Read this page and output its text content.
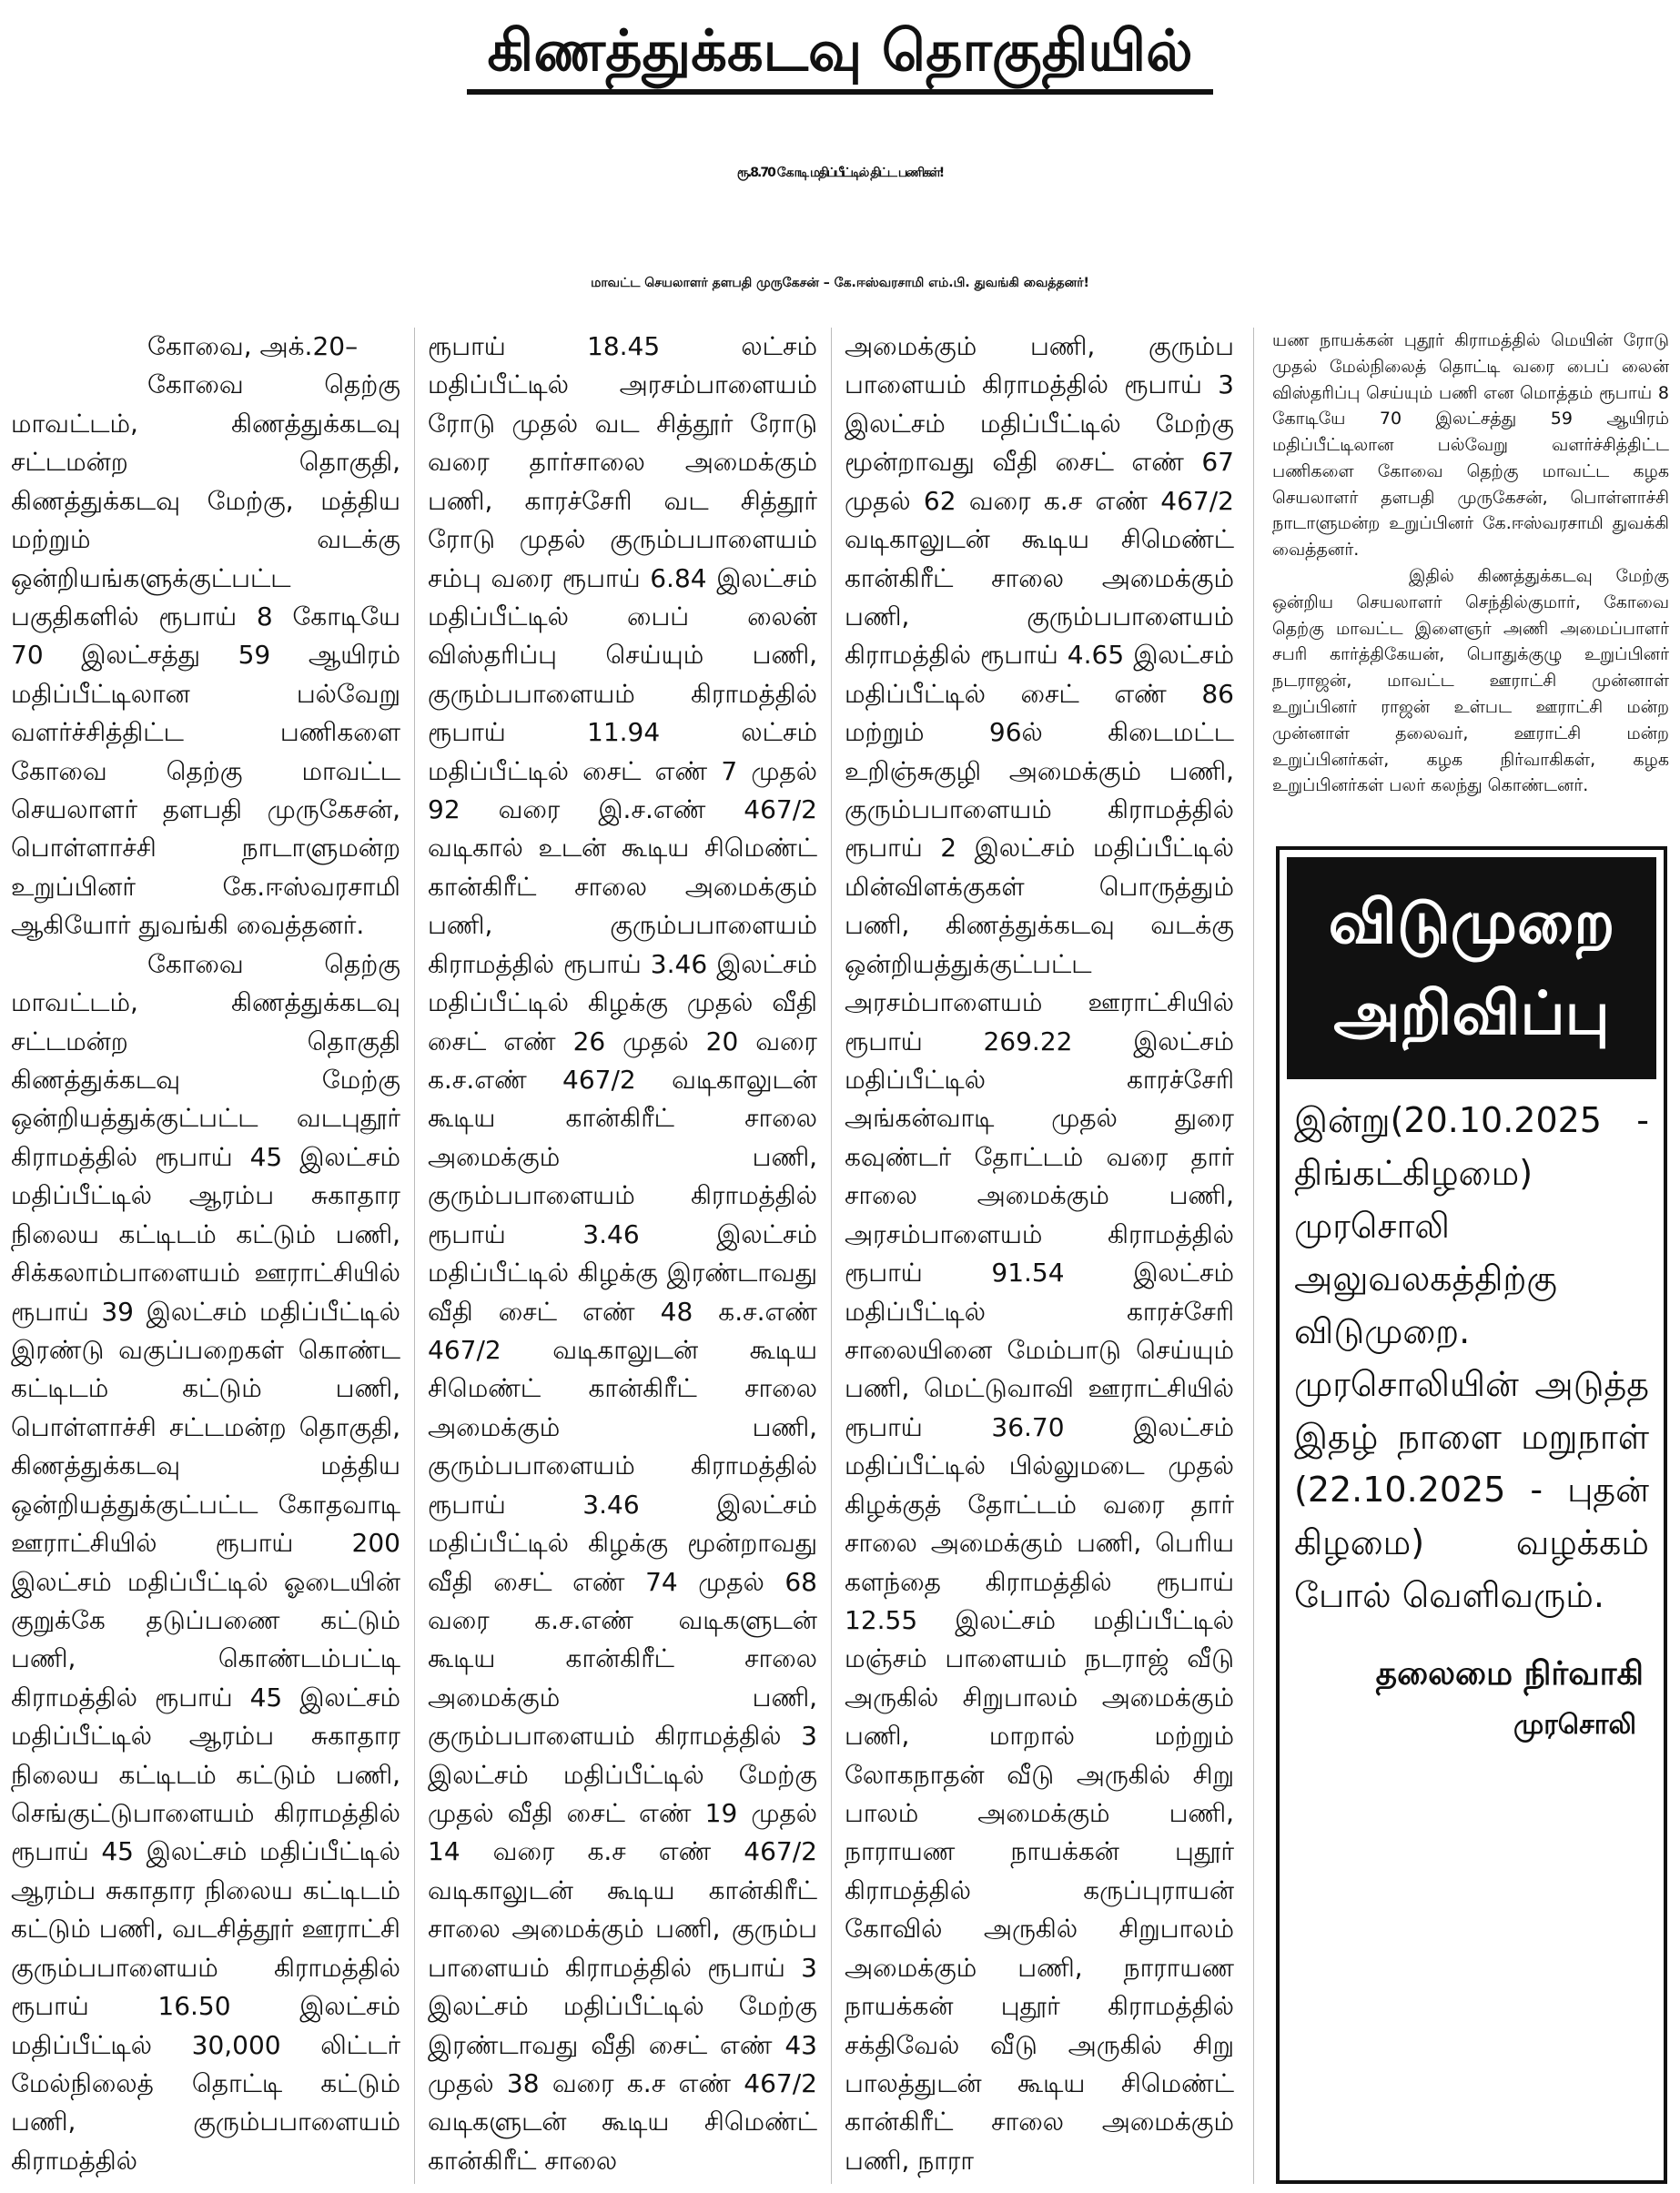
கிணத்துக்கடவு தொகுதியில்
ரூ.8.70 கோடி மதிப்பீட்டில் திட்ட பணிகள்!
மாவட்ட செயலாளர் தளபதி முருகேசன் – கே.ஈஸ்வரசாமி எம்.பி. துவங்கி வைத்தனர்!

கோவை, அக்.20–

கோவை தெற்கு மாவட்டம், கிணத்துக்கடவு சட்டமன்ற தொகுதி, கிணத்துக்கடவு மேற்கு, மத்திய மற்றும் வடக்கு ஒன்றியங்களுக்குட்பட்ட பகுதிகளில் ரூபாய் 8 கோடியே 70 இலட்சத்து 59 ஆயிரம் மதிப்பீட்டிலான பல்வேறு வளர்ச்சித்திட்ட பணிகளை கோவை தெற்கு மாவட்ட செயலாளர் தளபதி முருகேசன், பொள்ளாச்சி நாடாளுமன்ற உறுப்பினர் கே.ஈஸ்வரசாமி ஆகியோர் துவங்கி வைத்தனர்.

கோவை தெற்கு மாவட்டம், கிணத்துக்கடவு சட்டமன்ற தொகுதி கிணத்துக்கடவு மேற்கு ஒன்றியத்துக்குட்பட்ட வடபுதூர் கிராமத்தில் ரூபாய் 45 இலட்சம் மதிப்பீட்டில் ஆரம்ப சுகாதார நிலைய கட்டிடம் கட்டும் பணி, சிக்கலாம்பாளையம் ஊராட்சியில் ரூபாய் 39 இலட்சம் மதிப்பீட்டில் இரண்டு வகுப்பறைகள் கொண்ட கட்டிடம் கட்டும் பணி, பொள்ளாச்சி சட்டமன்ற தொகுதி, கிணத்துக்கடவு மத்திய ஒன்றியத்துக்குட்பட்ட கோதவாடி ஊராட்சியில் ரூபாய் 200 இலட்சம் மதிப்பீட்டில் ஓடையின் குறுக்கே தடுப்பணை கட்டும் பணி, கொண்டம்பட்டி கிராமத்தில் ரூபாய் 45 இலட்சம் மதிப்பீட்டில் ஆரம்ப சுகாதார நிலைய கட்டிடம் கட்டும் பணி, செங்குட்டுபாளையம் கிராமத்தில் ரூபாய் 45 இலட்சம் மதிப்பீட்டில் ஆரம்ப சுகாதார நிலைய கட்டிடம் கட்டும் பணி, வடசித்தூர் ஊராட்சி குரும்பபாளையம் கிராமத்தில் ரூபாய் 16.50 இலட்சம் மதிப்பீட்டில் 30,000 லிட்டர் மேல்நிலைத் தொட்டி கட்டும் பணி, குரும்பபாளையம் கிராமத்தில்

ரூபாய் 18.45 லட்சம் மதிப்பீட்டில் அரசம்பாளையம் ரோடு முதல் வட சித்தூர் ரோடு வரை தார்சாலை அமைக்கும் பணி, காரச்சேரி வட சித்தூர் ரோடு முதல் குரும்பபாளையம் சம்பு வரை ரூபாய் 6.84 இலட்சம் மதிப்பீட்டில் பைப் லைன் விஸ்தரிப்பு செய்யும் பணி, குரும்பபாளையம் கிராமத்தில் ரூபாய் 11.94 லட்சம் மதிப்பீட்டில் சைட் எண் 7 முதல் 92 வரை இ.ச.எண் 467/2 வடிகால் உடன் கூடிய சிமெண்ட் கான்கிரீட் சாலை அமைக்கும் பணி, குரும்பபாளையம் கிராமத்தில் ரூபாய் 3.46 இலட்சம் மதிப்பீட்டில் கிழக்கு முதல் வீதி சைட் எண் 26 முதல் 20 வரை க.ச.எண் 467/2 வடிகாலுடன் கூடிய கான்கிரீட் சாலை அமைக்கும் பணி, குரும்பபாளையம் கிராமத்தில் ரூபாய் 3.46 இலட்சம் மதிப்பீட்டில் கிழக்கு இரண்டாவது வீதி சைட் எண் 48 க.ச.எண் 467/2 வடிகாலுடன் கூடிய சிமெண்ட் கான்கிரீட் சாலை அமைக்கும் பணி, குரும்பபாளையம் கிராமத்தில் ரூபாய் 3.46 இலட்சம் மதிப்பீட்டில் கிழக்கு மூன்றாவது வீதி சைட் எண் 74 முதல் 68 வரை க.ச.எண் வடிகளுடன் கூடிய கான்கிரீட் சாலை அமைக்கும் பணி, குரும்பபாளையம் கிராமத்தில் 3 இலட்சம் மதிப்பீட்டில் மேற்கு முதல் வீதி சைட் எண் 19 முதல் 14 வரை க.ச எண் 467/2 வடிகாலுடன் கூடிய கான்கிரீட் சாலை அமைக்கும் பணி, குரும்ப பாளையம் கிராமத்தில் ரூபாய் 3 இலட்சம் மதிப்பீட்டில் மேற்கு இரண்டாவது வீதி சைட் எண் 43 முதல் 38 வரை க.ச எண் 467/2 வடிகளுடன் கூடிய சிமெண்ட் கான்கிரீட் சாலை

அமைக்கும் பணி, குரும்ப பாளையம் கிராமத்தில் ரூபாய் 3 இலட்சம் மதிப்பீட்டில் மேற்கு மூன்றாவது வீதி சைட் எண் 67 முதல் 62 வரை க.ச எண் 467/2 வடிகாலுடன் கூடிய சிமெண்ட் கான்கிரீட் சாலை அமைக்கும் பணி, குரும்பபாளையம் கிராமத்தில் ரூபாய் 4.65 இலட்சம் மதிப்பீட்டில் சைட் எண் 86 மற்றும் 96ல் கிடைமட்ட உறிஞ்சுகுழி அமைக்கும் பணி, குரும்பபாளையம் கிராமத்தில் ரூபாய் 2 இலட்சம் மதிப்பீட்டில் மின்விளக்குகள் பொருத்தும் பணி, கிணத்துக்கடவு வடக்கு ஒன்றியத்துக்குட்பட்ட அரசம்பாளையம் ஊராட்சியில் ரூபாய் 269.22 இலட்சம் மதிப்பீட்டில் காரச்சேரி அங்கன்வாடி முதல் துரை கவுண்டர் தோட்டம் வரை தார் சாலை அமைக்கும் பணி, அரசம்பாளையம் கிராமத்தில் ரூபாய் 91.54 இலட்சம் மதிப்பீட்டில் காரச்சேரி சாலையினை மேம்பாடு செய்யும் பணி, மெட்டுவாவி ஊராட்சியில் ரூபாய் 36.70 இலட்சம் மதிப்பீட்டில் பில்லுமடை முதல் கிழக்குத் தோட்டம் வரை தார் சாலை அமைக்கும் பணி, பெரிய களந்தை கிராமத்தில் ரூபாய் 12.55 இலட்சம் மதிப்பீட்டில் மஞ்சம் பாளையம் நடராஜ் வீடு அருகில் சிறுபாலம் அமைக்கும் பணி, மாறால் மற்றும் லோகநாதன் வீடு அருகில் சிறு பாலம் அமைக்கும் பணி, நாராயண நாயக்கன் புதூர் கிராமத்தில் கருப்புராயன் கோவில் அருகில் சிறுபாலம் அமைக்கும் பணி, நாராயண நாயக்கன் புதூர் கிராமத்தில் சக்திவேல் வீடு அருகில் சிறு பாலத்துடன் கூடிய சிமெண்ட் கான்கிரீட் சாலை அமைக்கும் பணி, நாரா

யண நாயக்கன் புதூர் கிராமத்தில் மெயின் ரோடு முதல் மேல்நிலைத் தொட்டி வரை பைப் லைன் விஸ்தரிப்பு செய்யும் பணி என மொத்தம் ரூபாய் 8 கோடியே 70 இலட்சத்து 59 ஆயிரம் மதிப்பீட்டிலான பல்வேறு வளர்ச்சித்திட்ட பணிகளை கோவை தெற்கு மாவட்ட கழக செயலாளர் தளபதி முருகேசன், பொள்ளாச்சி நாடாளுமன்ற உறுப்பினர் கே.ஈஸ்வரசாமி துவக்கி வைத்தனர்.

இதில் கிணத்துக்கடவு மேற்கு ஒன்றிய செயலாளர் செந்தில்குமார், கோவை தெற்கு மாவட்ட இளைஞர் அணி அமைப்பாளர் சபரி கார்த்திகேயன், பொதுக்குழு உறுப்பினர் நடராஜன், மாவட்ட ஊராட்சி முன்னாள் உறுப்பினர் ராஜன் உள்பட ஊராட்சி மன்ற முன்னாள் தலைவர், ஊராட்சி மன்ற உறுப்பினர்கள், கழக நிர்வாகிகள், கழக உறுப்பினர்கள் பலர் கலந்து கொண்டனர்.

விடுமுறை
அறிவிப்பு
இன்று(20.10.2025 - திங்கட்கிழமை) முரசொலி அலுவலகத்திற்கு விடுமுறை. முரசொலியின் அடுத்த இதழ் நாளை மறுநாள் (22.10.2025 - புதன் கிழமை) வழக்கம் போல் வெளிவரும்.
தலைமை நிர்வாகி
முரசொலி
